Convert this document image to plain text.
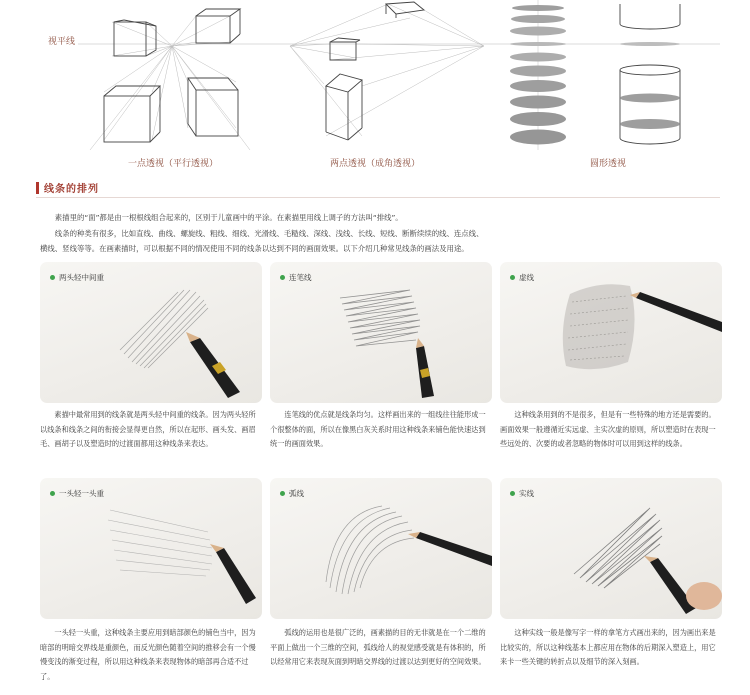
视平线
一点透视（平行透视）	两点透视（成角透视）	圆形透视
线条的排列

素描里的“面”都是由一根根线组合起来的，区别于儿童画中的平涂。在素描里用线上调子的方法叫“排线”。

线条的种类有很多，比如直线、曲线、螺旋线、粗线、细线、光滑线、毛糙线、深线、浅线、长线、短线、断断续续的线、连点线、

横线、竖线等等。在画素描时，可以根据不同的情况使用不同的线条以达到不同的画面效果。以下介绍几种常见线条的画法及用途。

两头轻中间重	连笔线	虚线

素描中最常用到的线条就是两头轻中间重的线条。因为两头轻所以线条和线条之间的衔接会显得更自然，所以在起形、画头发、画眉毛、画胡子以及塑造时的过渡面都用这种线条来表达。

连笔线的优点就是线条均匀。这样画出来的一组线往往能形成一个很整体的面，所以在像黑白灰关系时用这种线条来铺色能快速达到统一的画面效果。

这种线条用到的不是很多，但是有一些特殊的地方还是需要的。画面效果一般遵循近实远虚、主实次虚的原则，所以塑造时在表现一些远处的、次要的或者忽略的物体时可以用到这样的线条。

一头轻一头重	弧线	实线

一头轻一头重，这种线条主要应用到暗部颜色的铺色当中，因为暗部的明暗交界线是重颜色，而反光颜色随着空间的推移会有一个慢慢变浅的渐变过程，所以用这种线条来表现物体的暗部再合适不过了。

弧线的运用也是很广泛的，画素描的目的无非就是在一个二维的平面上做出一个三维的空间，弧线给人的视觉感受就是有体积的，所以经常用它来表现灰面到明暗交界线的过渡以达到更好的空间效果。

这种实线一般是像写字一样的拿笔方式画出来的，因为画出来是比较实的，所以这种线基本上都应用在物体的后期深入塑造上，用它来卡一些关键的转折点以及细节的深入刻画。
